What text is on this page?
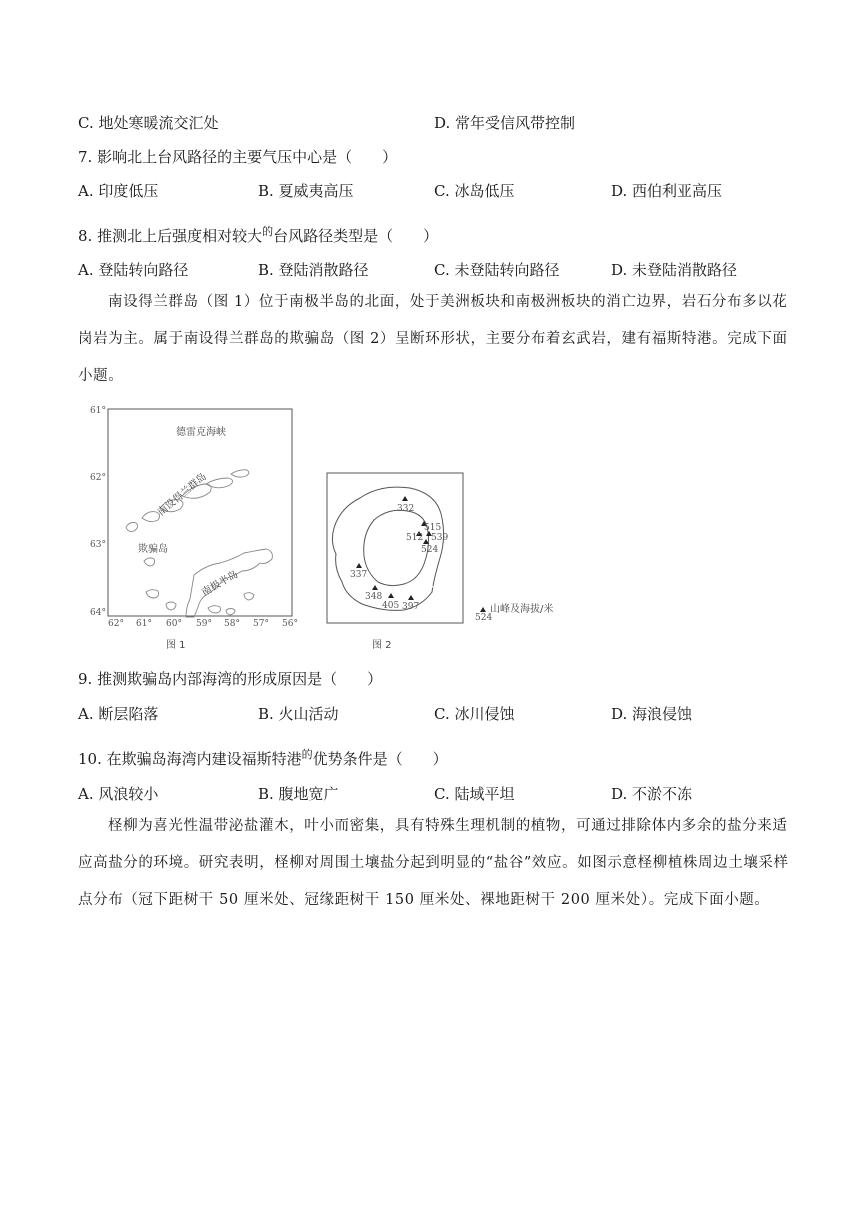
C. 地处寒暖流交汇处	D. 常年受信风带控制
7. 影响北上台风路径的主要气压中心是（　　）
A. 印度低压	B. 夏威夷高压	C. 冰岛低压	D. 西伯利亚高压
8. 推测北上后强度相对较大$^的$台风路径类型是（　　）
A. 登陆转向路径	B. 登陆消散路径	C. 未登陆转向路径	D. 未登陆消散路径
南设得兰群岛（图 1）位于南极半岛的北面，处于美洲板块和南极洲板块的消亡边界，岩石分布多以花岗岩为主。属于南设得兰群岛的欺骗岛（图 2）呈断环形状，主要分布着玄武岩，建有福斯特港。完成下面小题。
61°
62°
63°
64°
62° 61° 60° 59° 58° 57° 56°
德雷克海峡
南设得兰群岛
欺骗岛
南极半岛
图 1
332
515
512 539
524
337
348
405 397
524
山峰及海拔/米
图 2
9. 推测欺骗岛内部海湾的形成原因是（　　）
A. 断层陷落	B. 火山活动	C. 冰川侵蚀	D. 海浪侵蚀
10. 在欺骗岛海湾内建设福斯特港$^的$优势条件是（　　）
A. 风浪较小	B. 腹地宽广	C. 陆域平坦	D. 不淤不冻
柽柳为喜光性温带泌盐灌木，叶小而密集，具有特殊生理机制的植物，可通过排除体内多余的盐分来适应高盐分的环境。研究表明，柽柳对周围土壤盐分起到明显的“盐谷”效应。如图示意柽柳植株周边土壤采样点分布（冠下距树干 50 厘米处、冠缘距树干 150 厘米处、裸地距树干 200 厘米处）。完成下面小题。
